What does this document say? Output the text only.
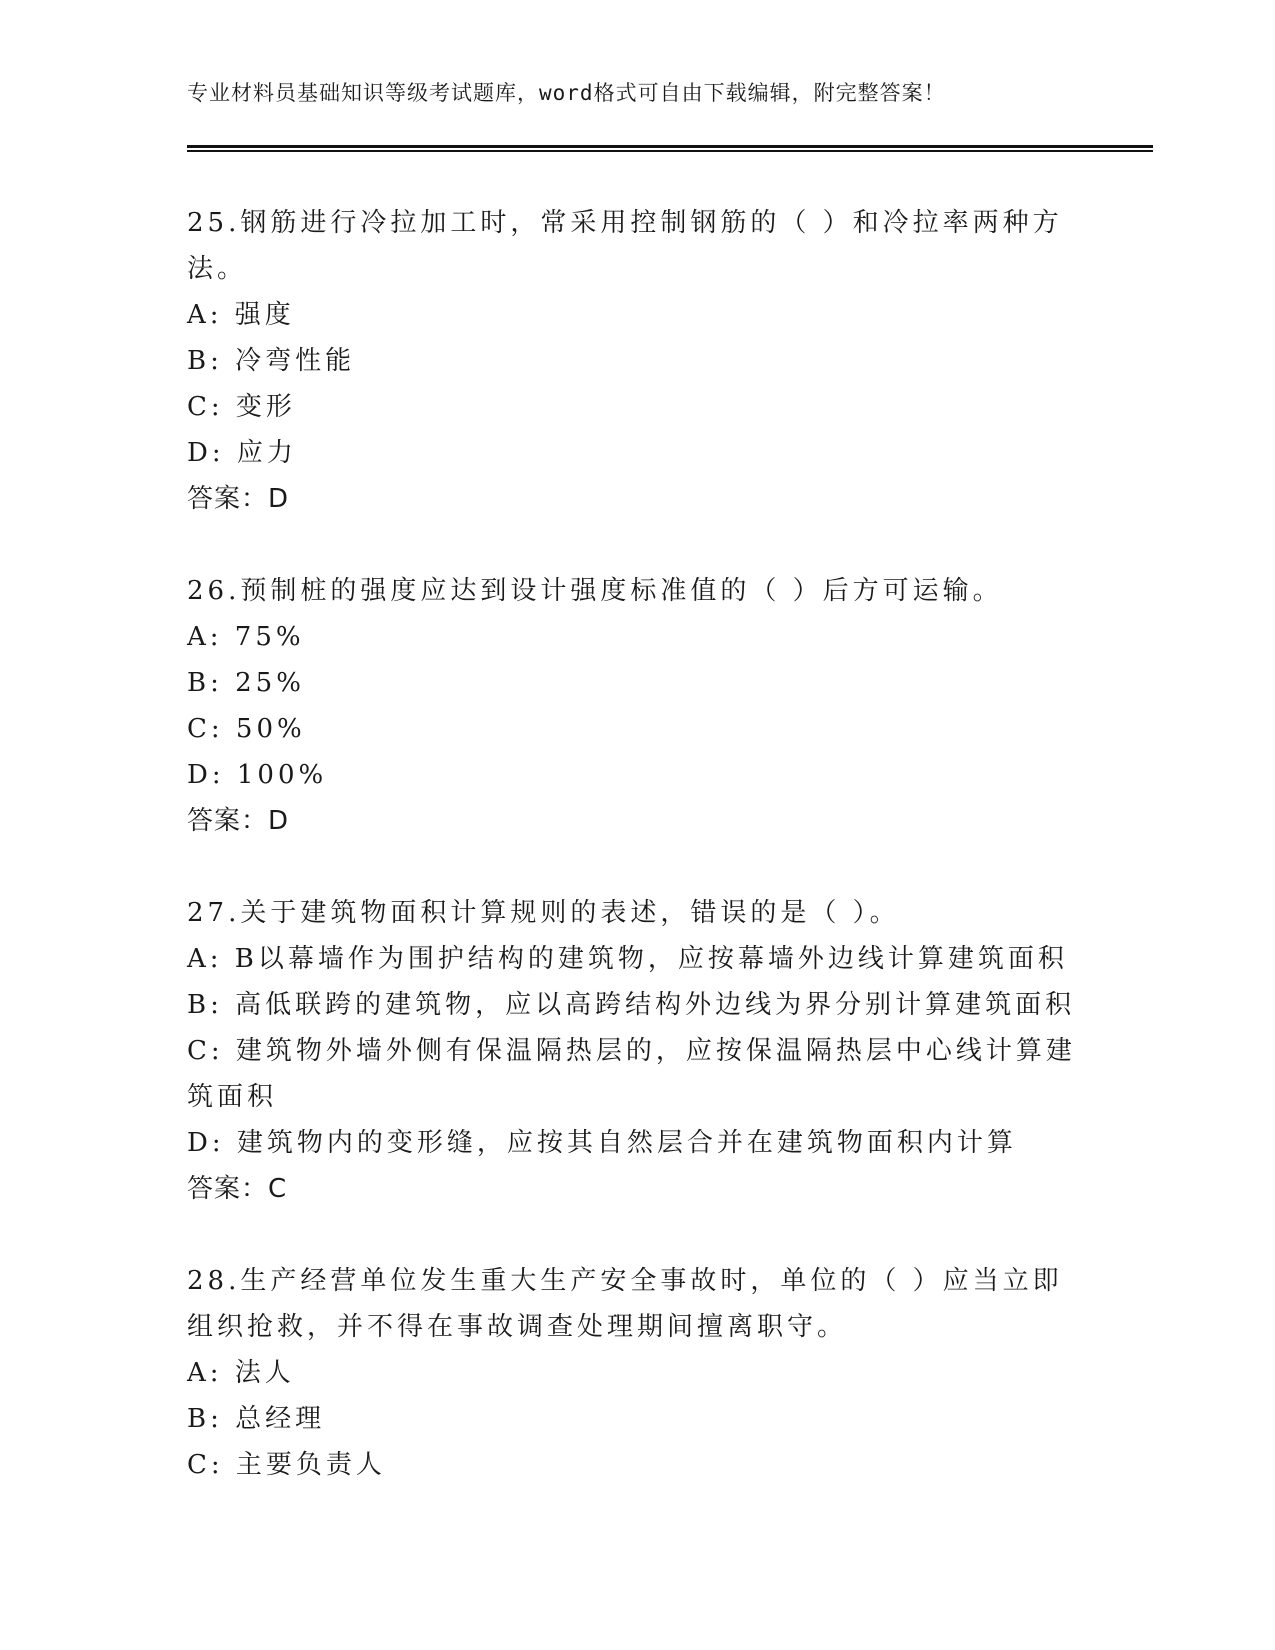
专业材料员基础知识等级考试题库，word格式可自由下载编辑，附完整答案！
25.钢筋进行冷拉加工时，常采用控制钢筋的（ ）和冷拉率两种方法。
A: 强度
B: 冷弯性能
C: 变形
D: 应力
答案：D
26.预制桩的强度应达到设计强度标准值的（ ）后方可运输。
A: 75%
B: 25%
C: 50%
D: 100%
答案：D
27.关于建筑物面积计算规则的表述，错误的是（ ）。
A: B以幕墙作为围护结构的建筑物，应按幕墙外边线计算建筑面积
B: 高低联跨的建筑物，应以高跨结构外边线为界分别计算建筑面积
C: 建筑物外墙外侧有保温隔热层的，应按保温隔热层中心线计算建筑面积
D: 建筑物内的变形缝，应按其自然层合并在建筑物面积内计算
答案：C
28.生产经营单位发生重大生产安全事故时，单位的（ ）应当立即组织抢救，并不得在事故调查处理期间擅离职守。
A: 法人
B: 总经理
C: 主要负责人
